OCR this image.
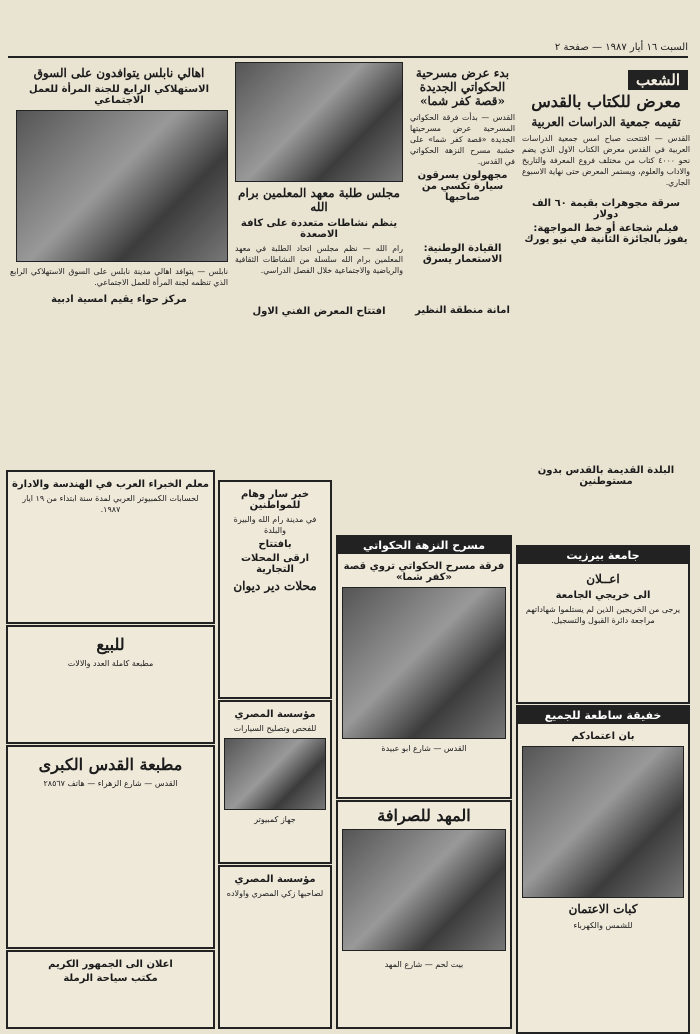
السبت ١٦ أيار ١٩٨٧ — صفحة ٢
الشعب
معرض للكتاب بالقدس
تقيمه جمعية الدراسات العربية
القدس — افتتحت صباح امس جمعية الدراسات العربية في القدس معرض الكتاب الاول الذي يضم نحو ٤٠٠٠ كتاب من مختلف فروع المعرفة والتاريخ والاداب والعلوم، ويستمر المعرض حتى نهاية الاسبوع الجاري.
سرقة مجوهرات بقيمة ٦٠ الف دولار
فيلم شجاعة أو خط المواجهة: يفوز بالجائزة الثانية في نيو يورك
بدء عرض مسرحية الحكواتي الجديدة «قصة كفر شما»
القدس — بدأت فرقة الحكواتي المسرحية عرض مسرحيتها الجديدة «قصة كفر شما» على خشبة مسرح النزهة الحكواتي في القدس.
مجهولون يسرقون سيارة تكسي من صاحبها
القيادة الوطنية: الاستعمار يسرق
امانة منطقة النظير
مجلس طلبة معهد المعلمين برام الله
ينظم نشاطات متعددة على كافة الاصعدة
رام الله — نظم مجلس اتحاد الطلبة في معهد المعلمين برام الله سلسلة من النشاطات الثقافية والرياضية والاجتماعية خلال الفصل الدراسي.
افتتاح المعرض الفني الاول
اهالي نابلس يتوافدون على السوق
الاستهلاكي الرابع للجنة المرأة للعمل الاجتماعي
نابلس — يتوافد اهالي مدينة نابلس على السوق الاستهلاكي الرابع الذي تنظمه لجنة المرأة للعمل الاجتماعي.
مركز حواء يقيم امسية ادبية
البلدة القديمة بالقدس بدون مستوطنين
جامعة بيرزيت
اعــلان
الى خريجي الجامعة
يرجى من الخريجين الذين لم يستلموا شهاداتهم مراجعة دائرة القبول والتسجيل.
خفيقة ساطعة للجميع
بان اعتمادكم
كبات الاعتمان
للشمس والكهرباء
مسرح النزهة الحكواتي
فرقة مسرح الحكواتي تروي قصة «كفر شما»
القدس — شارع ابو عبيدة
المهد للصرافة
بيت لحم — شارع المهد
خبر سار وهام للمواطنين
في مدينة رام الله والبيرة والبلدة
بافتتاح
ارقى المحلات التجارية
محلات دير ديوان
مؤسسة المصري
للفحص وتصليح السيارات
جهاز كمبيوتر
مؤسسة المصري
لصاحبها زكي المصري واولاده
معلم الخبراء العرب في الهندسة والادارة
لحسابات الكمبيوتر العربي لمدة سنة ابتداء من ١٩ ايار ١٩٨٧.
للبيع
مطبعة كاملة العدد والالات
مطبعة القدس الكبرى
القدس — شارع الزهراء — هاتف ٢٨٥٦٧
اعلان الى الجمهور الكريم
مكتب سياحة الرملة
